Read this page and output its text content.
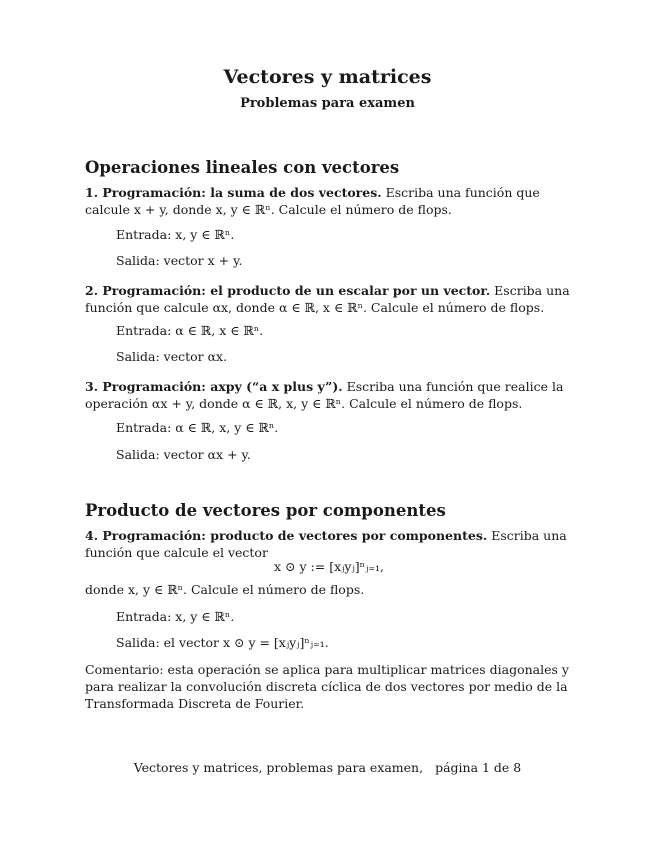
Vectores y matrices
Problemas para examen
Operaciones lineales con vectores
1. Programación: la suma de dos vectores. Escriba una función que calcule x + y, donde x, y ∈ ℝⁿ. Calcule el número de flops.
Entrada: x, y ∈ ℝⁿ.
Salida: vector x + y.
2. Programación: el producto de un escalar por un vector. Escriba una función que calcule αx, donde α ∈ ℝ, x ∈ ℝⁿ. Calcule el número de flops.
Entrada: α ∈ ℝ, x ∈ ℝⁿ.
Salida: vector αx.
3. Programación: axpy (“a x plus y”). Escriba una función que realice la operación αx + y, donde α ∈ ℝ, x, y ∈ ℝⁿ. Calcule el número de flops.
Entrada: α ∈ ℝ, x, y ∈ ℝⁿ.
Salida: vector αx + y.
Producto de vectores por componentes
4. Programación: producto de vectores por componentes. Escriba una función que calcule el vector
x ⊙ y := [xⱼyⱼ]ⁿⱼ₌₁,
donde x, y ∈ ℝⁿ. Calcule el número de flops.
Entrada: x, y ∈ ℝⁿ.
Salida: el vector x ⊙ y = [xⱼyⱼ]ⁿⱼ₌₁.
Comentario: esta operación se aplica para multiplicar matrices diagonales y para realizar la convolución discreta cíclica de dos vectores por medio de la Transformada Discreta de Fourier.
Vectores y matrices, problemas para examen, página 1 de 8
